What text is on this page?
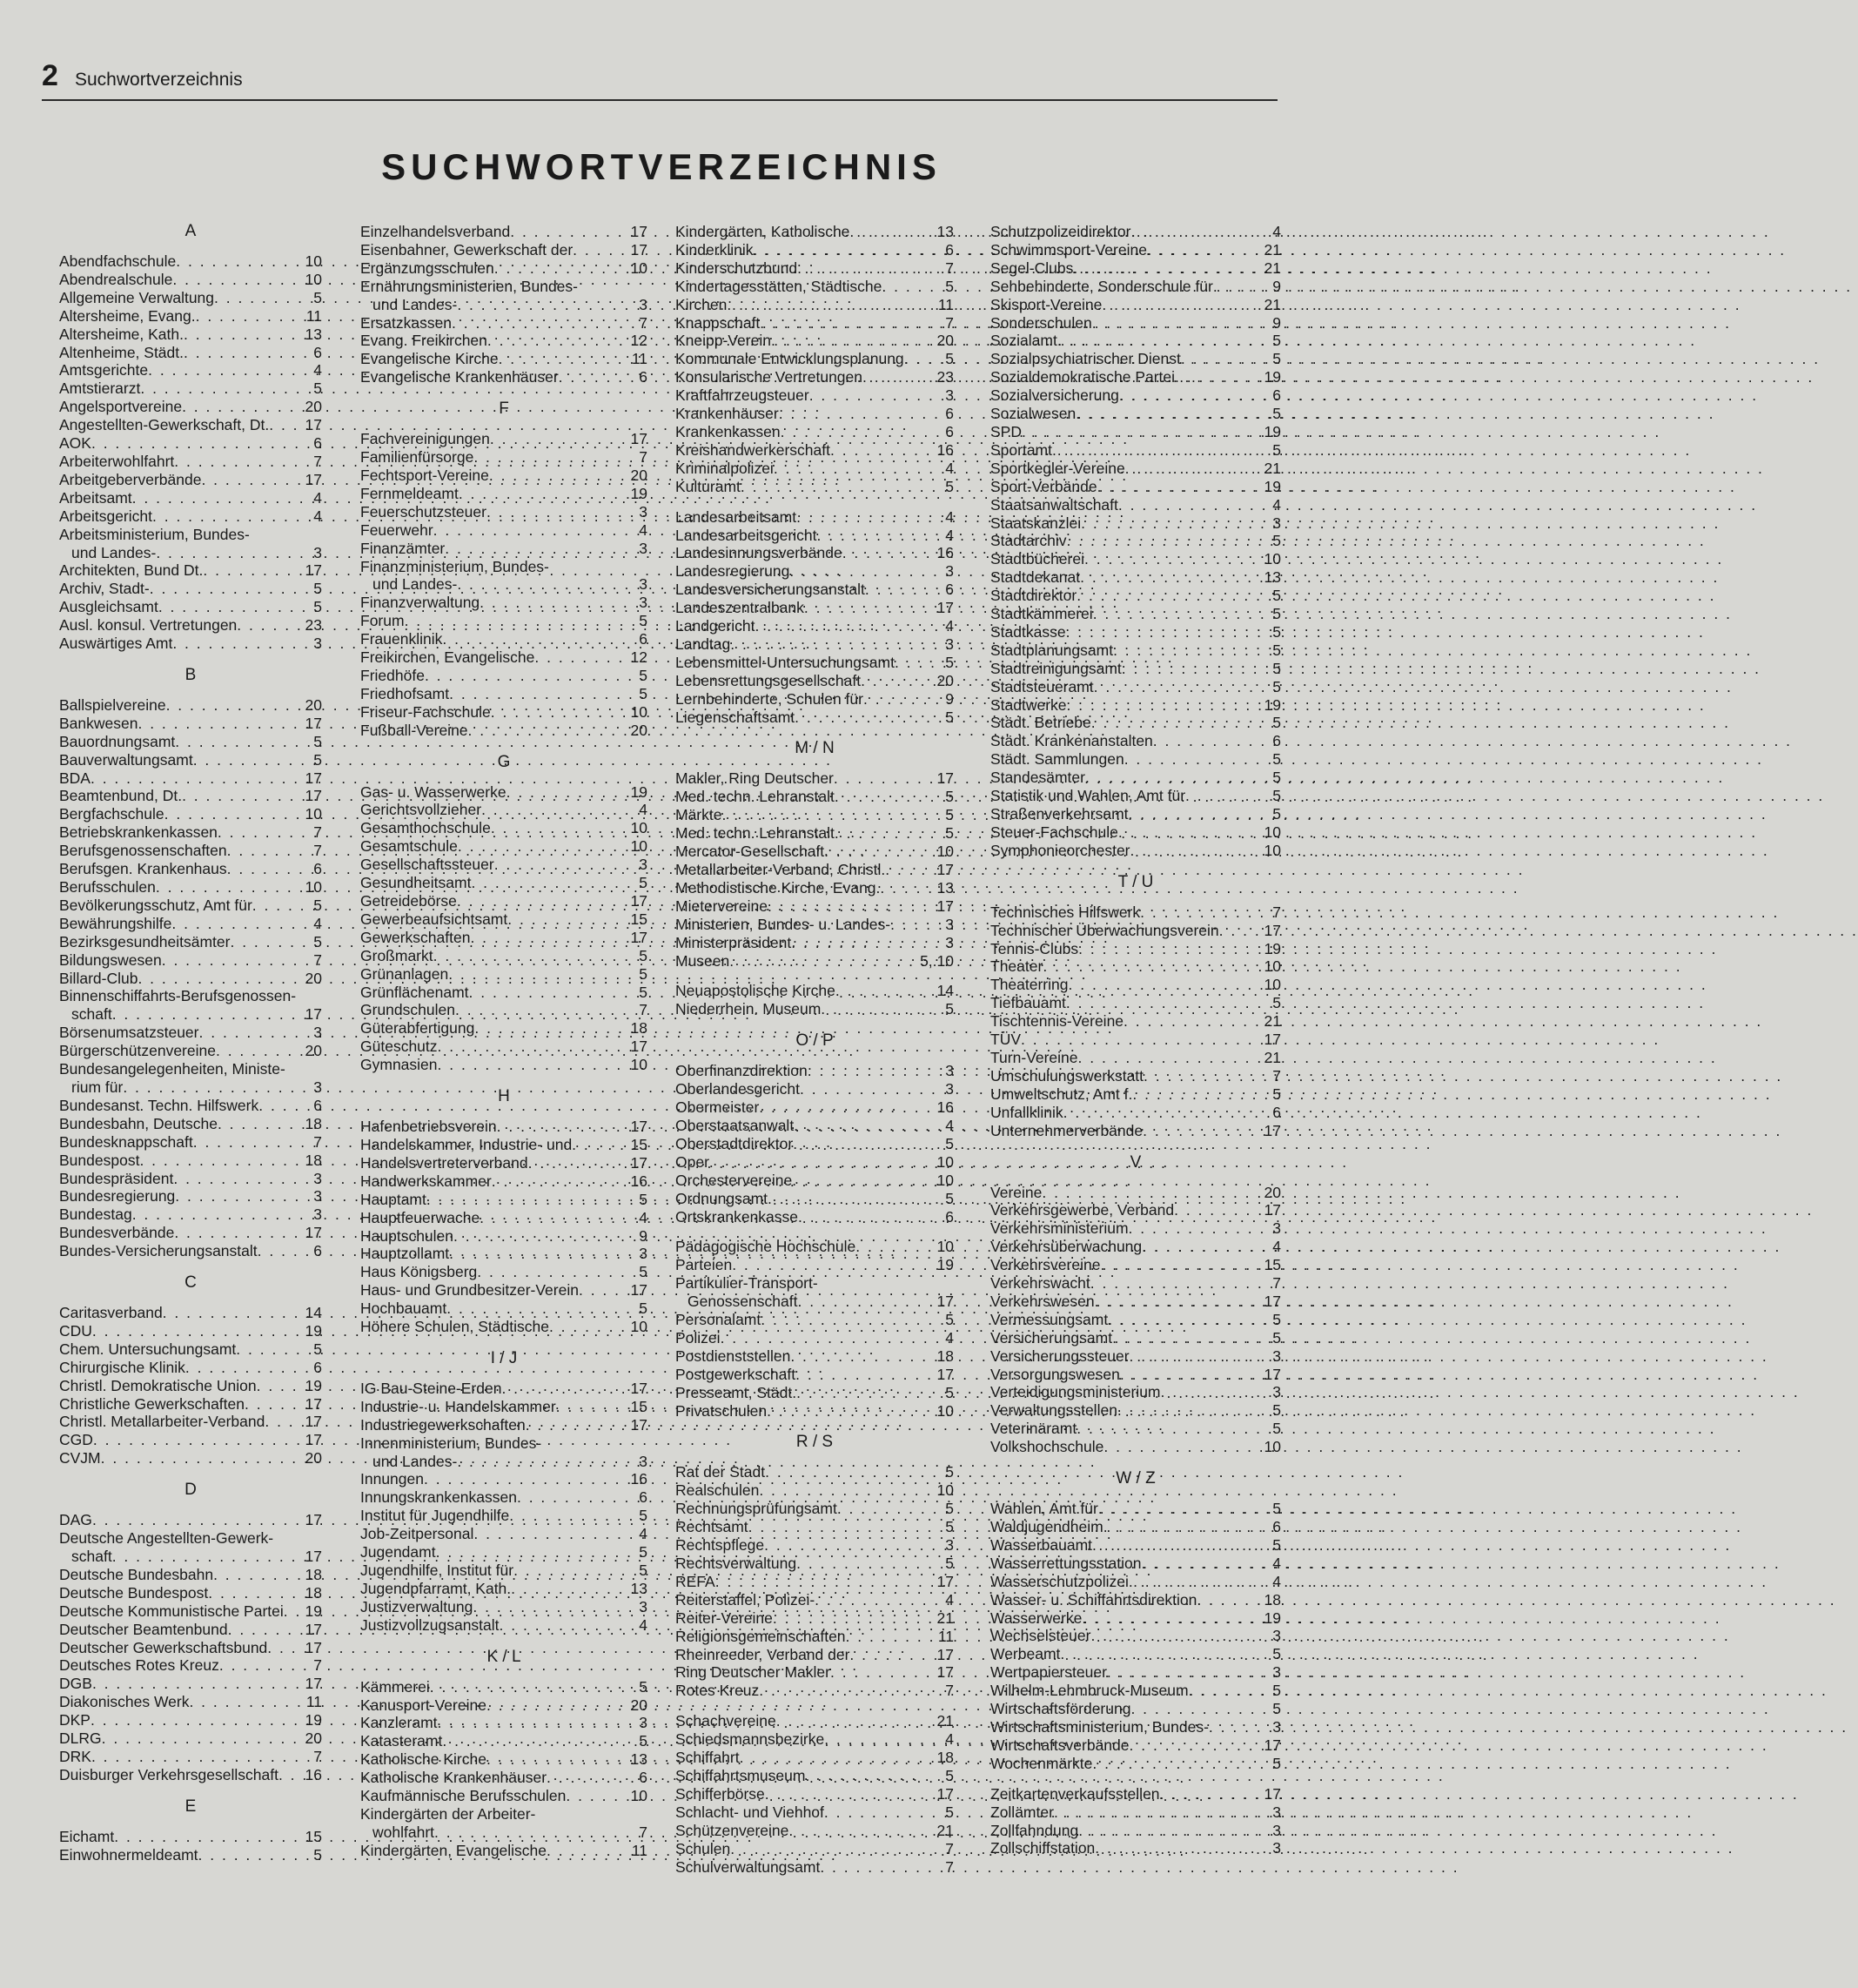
2 Suchwortverzeichnis
SUCHWORTVERZEICHNIS
A
Abendfachschule . . .	10
Abendrealschule . . .	10
Allgemeine Verwaltung . . .	5
Altersheime, Evang. . . .	11
Altersheime, Kath. . . .	13
Altenheime, Städt. . . .	6
Amtsgerichte . . .	4
Amtstierarzt . . .	5
Angelsportvereine . . .	20
Angestellten-Gewerkschaft, Dt. . . . 17
AOK . . .	6
Arbeiterwohlfahrt . . .	7
Arbeitgeberverbände . . .	17
Arbeitsamt . . .	4
Arbeitsgericht . . .	4
Arbeitsministerium, Bundes-
und Landes- . . .	3
Architekten, Bund Dt. . . .	17
Archiv, Stadt- . . .	5
Ausgleichsamt . . .	5
Ausl. konsul. Vertretungen . . .	23
Auswärtiges Amt . . .	3
B
Ballspielvereine . . .	20
Bankwesen . . .	17
Bauordnungsamt . . .	5
Bauverwaltungsamt . . .	5
BDA . . .	17
Beamtenbund, Dt. . . .	17
Bergfachschule . . .	10
Betriebskrankenkassen . . .	7
Berufsgenossenschaften . . .	7
Berufsgen. Krankenhaus . . .	6
Berufsschulen . . .	10
Bevölkerungsschutz, Amt für . . .	5
Bewährungshilfe . . .	4
Bezirksgesundheitsämter . . .	5
Bildungswesen . . .	7
Billard-Club . . .	20
Binnenschiffahrts-Berufsgenossen-
schaft . . .	17
Börsenumsatzsteuer . . .	3
Bürgerschützenvereine . . .	20
Bundesangelegenheiten, Ministe-
rium für . . .	3
Bundesanst. Techn. Hilfswerk . . .	6
Bundesbahn, Deutsche . . .	18
Bundesknappschaft . . .	7
Bundespost . . .	18
Bundespräsident . . .	3
Bundesregierung . . .	3
Bundestag . . .	3
Bundesverbände . . .	17
Bundes-Versicherungsanstalt . . .	6
C
Caritasverband . . .	14
CDU . . .	19
Chem. Untersuchungsamt . . .	5
Chirurgische Klinik . . .	6
Christl. Demokratische Union . . .	19
Christliche Gewerkschaften . . .	17
Christl. Metallarbeiter-Verband . . .	17
CGD . . .	17
CVJM . . .	20
D
DAG . . .	17
Deutsche Angestellten-Gewerk-
schaft . . .	17
Deutsche Bundesbahn . . .	18
Deutsche Bundespost . . .	18
Deutsche Kommunistische Partei . . . 19
Deutscher Beamtenbund . . .	17
Deutscher Gewerkschaftsbund . . . 17
Deutsches Rotes Kreuz . . .	7
DGB . . .	17
Diakonisches Werk . . .	11
DKP . . .	19
DLRG . . .	20
DRK . . .	7
Duisburger Verkehrsgesellschaft . . . 16
E
Eichamt . . .	15
Einwohnermeldeamt . . .	5
Einzelhandelsverband . . .	17
Eisenbahner, Gewerkschaft der . . .	17
Ergänzungsschulen . . .	10
Ernährungsministerien, Bundes-
und Landes- . . .	3
Ersatzkassen . . .	7
Evang. Freikirchen . . .	12
Evangelische Kirche . . .	11
Evangelische Krankenhäuser . . .	6
F
Fachvereinigungen . . .	17
Familienfürsorge . . .	7
Fechtsport-Vereine . . .	20
Fernmeldeamt . . .	19
Feuerschutzsteuer . . .	3
Feuerwehr . . .	4
Finanzämter . . .	3
Finanzministerium, Bundes-
und Landes- . . .	3
Finanzverwaltung . . .	3
Forum . . .	5
Frauenklinik . . .	6
Freikirchen, Evangelische . . .	12
Friedhöfe . . .	5
Friedhofsamt . . .	5
Friseur-Fachschule . . .	10
Fußball-Vereine . . .	20
G
Gas- u. Wasserwerke . . .	19
Gerichtsvollzieher . . .	4
Gesamthochschule . . .	10
Gesamtschule . . .	10
Gesellschaftssteuer . . .	3
Gesundheitsamt . . .	5
Getreidebörse . . .	17
Gewerbeaufsichtsamt . . .	15
Gewerkschaften . . .	17
Großmarkt . . .	5
Grünanlagen . . .	5
Grünflächenamt . . .	5
Grundschulen . . .	7
Güterabfertigung . . .	18
Güteschutz . . .	17
Gymnasien . . .	10
H
Hafenbetriebsverein . . .	17
Handelskammer, Industrie- und . . .	15
Handelsvertreterverband . . .	17
Handwerkskammer . . .	16
Hauptamt . . .	5
Hauptfeuerwache . . .	4
Hauptschulen . . .	9
Hauptzollamt . . .	3
Haus Königsberg . . .	5
Haus- und Grundbesitzer-Verein . . .	17
Hochbauamt . . .	5
Höhere Schulen, Städtische . . .	10
I / J
IG Bau-Steine-Erden . . .	17
Industrie- u. Handelskammer . . .	15
Industriegewerkschaften . . .	17
Innenministerium, Bundes-
und Landes- . . .	3
Innungen . . .	16
Innungskrankenkassen . . .	6
Institut für Jugendhilfe . . .	5
Job-Zeitpersonal . . .	4
Jugendamt . . .	5
Jugendhilfe, Institut für . . .	5
Jugendpfarramt, Kath. . . .	13
Justizverwaltung . . .	3
Justizvollzugsanstalt . . .	4
K / L
Kämmerei . . .	5
Kanusport-Vereine . . .	20
Kanzleramt . . .	3
Katasteramt . . .	5
Katholische Kirche . . .	13
Katholische Krankenhäuser . . .	6
Kaufmännische Berufsschulen . . .	10
Kindergärten der Arbeiter-
wohlfahrt . . .	7
Kindergärten, Evangelische . . .	11
Kindergärten, Katholische . . .	13
Kinderklinik . . .	6
Kinderschutzbund . . .	7
Kindertagesstätten, Städtische . . .	5
Kirchen . . .	11
Knappschaft . . .	7
Kneipp-Verein . . .	20
Kommunale Entwicklungsplanung . . .	5
Konsularische Vertretungen . . .	23
Kraftfahrzeugsteuer . . .	3
Krankenhäuser . . .	6
Krankenkassen . . .	6
Kreishandwerkerschaft . . .	16
Kriminalpolizei . . .	4
Kulturamt . . .	5
Landesarbeitsamt . . .	4
Landesarbeitsgericht . . .	4
Landesinnungsverbände . . .	16
Landesregierung . . .	3
Landesversicherungsanstalt . . .	6
Landeszentralbank . . .	17
Landgericht . . .	4
Landtag . . .	3
Lebensmittel-Untersuchungsamt . . .	5
Lebensrettungsgesellschaft . . .	20
Lernbehinderte, Schulen für . . .	9
Liegenschaftsamt . . .	5
M / N
Makler, Ring Deutscher . . .	17
Med. techn. Lehranstalt . . .	5
Märkte . . .	5
Med. techn. Lehranstalt . . .	5
Mercator-Gesellschaft . . .	10
Metallarbeiter-Verband, Christl. . . .	17
Methodistische Kirche, Evang. . . .	13
Mietervereine . . .	17
Ministerien, Bundes- u. Landes- . . .	3
Ministerpräsident . . .	3
Museen . . .	5, 10
Neuapostolische Kirche . . .	14
Niederrhein. Museum . . .	5
O / P
Oberfinanzdirektion . . .	3
Oberlandesgericht . . .	3
Obermeister . . .	16
Oberstaatsanwalt . . .	4
Oberstadtdirektor . . .	5
Oper . . .	10
Orchestervereine . . .	10
Ordnungsamt . . .	5
Ortskrankenkasse . . .	6
Pädagogische Hochschule . . .	10
Parteien . . .	19
Partikulier-Transport-
Genossenschaft . . .	17
Personalamt . . .	5
Polizei . . .	4
Postdienststellen . . .	18
Postgewerkschaft . . .	17
Presseamt, Städt. . . .	5
Privatschulen . . .	10
R / S
Rat der Stadt . . .	5
Realschulen . . .	10
Rechnungsprüfungsamt . . .	5
Rechtsamt . . .	5
Rechtspflege . . .	3
Rechtsverwaltung . . .	5
REFA . . .	17
Reiterstaffel, Polizei- . . .	4
Reiter-Vereine . . .	21
Religionsgemeinschaften . . .	11
Rheinreeder, Verband der . . .	17
Ring Deutscher Makler . . .	17
Rotes Kreuz . . .	7
Schachvereine . . .	21
Schiedsmannsbezirke . . .	4
Schiffahrt . . .	18
Schiffahrtsmuseum . . .	5
Schifferbörse . . .	17
Schlacht- und Viehhof . . .	5
Schützenvereine . . .	21
Schulen . . .	7
Schulverwaltungsamt . . .	7
Schutzpolizeidirektor . . .	4
Schwimmsport-Vereine . . .	21
Segel-Clubs . . .	21
Sehbehinderte, Sonderschule für . . .	9
Skisport-Vereine . . .	21
Sonderschulen . . .	9
Sozialamt . . .	5
Sozialpsychiatrischer Dienst . . .	5
Sozialdemokratische Partei . . .	19
Sozialversicherung . . .	6
Sozialwesen . . .	5
SPD . . .	19
Sportamt . . .	5
Sportkegler-Vereine . . .	21
Sport-Verbände . . .	19
Staatsanwaltschaft . . .	4
Staatskanzlei . . .	3
Stadtarchiv . . .	5
Stadtbücherei . . .	10
Stadtdekanat . . .	13
Stadtdirektor . . .	5
Stadtkämmerei . . .	5
Stadtkasse . . .	5
Stadtplanungsamt . . .	5
Stadtreinigungsamt . . .	5
Stadtsteueramt . . .	5
Stadtwerke . . .	19
Städt. Betriebe . . .	5
Städt. Krankenanstalten . . .	6
Städt. Sammlungen . . .	5
Standesämter . . .	5
Statistik und Wahlen, Amt für . . .	5
Straßenverkehrsamt . . .	5
Steuer-Fachschule . . .	10
Symphonieorchester . . .	10
T / U
Technisches Hilfswerk . . .	7
Technischer Überwachungsverein . . .	17
Tennis-Clubs . . .	19
Theater . . .	10
Theaterring . . .	10
Tiefbauamt . . .	5
Tischtennis-Vereine . . .	21
TÜV . . .	17
Turn-Vereine . . .	21
Umschulungswerkstatt . . .	7
Umweltschutz, Amt f. . . .	5
Unfallklinik . . .	6
Unternehmerverbände . . .	17
V
Vereine . . .	20
Verkehrsgewerbe, Verband . . .	17
Verkehrsministerium . . .	3
Verkehrsüberwachung . . .	4
Verkehrsvereine . . .	15
Verkehrswacht . . .	7
Verkehrswesen . . .	17
Vermessungsamt . . .	5
Versicherungsamt . . .	5
Versicherungssteuer . . .	3
Versorgungswesen . . .	17
Verteidigungsministerium . . .	3
Verwaltungsstellen . . .	5
Veterinäramt . . .	5
Volkshochschule . . .	10
W / Z
Wahlen, Amt für . . .	5
Waldjugendheim . . .	6
Wasserbauamt . . .	5
Wasserrettungsstation . . .	4
Wasserschutzpolizei . . .	4
Wasser- u. Schiffahrtsdirektion . . .	18
Wasserwerke . . .	19
Wechselsteuer . . .	3
Werbeamt . . .	5
Wertpapiersteuer . . .	3
Wilhelm-Lehmbruck-Museum . . .	5
Wirtschaftsförderung . . .	5
Wirtschaftsministerium, Bundes- . . .	3
Wirtschaftsverbände . . .	17
Wochenmärkte . . .	5
Zeitkartenverkaufsstellen . . .	17
Zollämter . . .	3
Zollfahndung . . .	3
Zollschiffstation . . .	3
